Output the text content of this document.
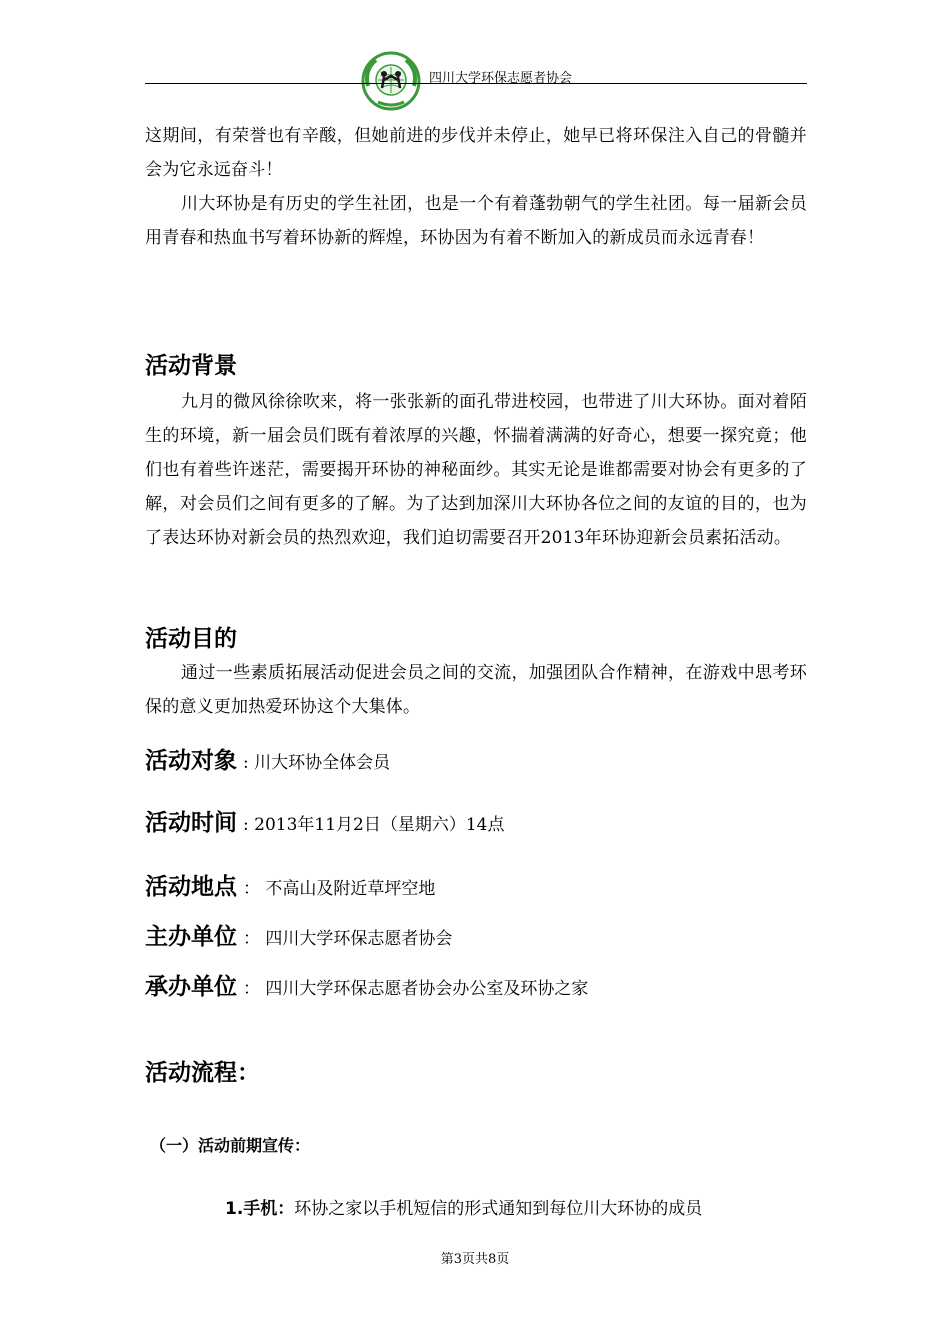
四川大学环保志愿者协会

这期间，有荣誉也有辛酸，但她前进的步伐并未停止，她早已将环保注入自己的骨髓并会为它永远奋斗！

川大环协是有历史的学生社团，也是一个有着蓬勃朝气的学生社团。每一届新会员用青春和热血书写着环协新的辉煌，环协因为有着不断加入的新成员而永远青春！

活动背景

九月的微风徐徐吹来，将一张张新的面孔带进校园，也带进了川大环协。面对着陌生的环境，新一届会员们既有着浓厚的兴趣，怀揣着满满的好奇心，想要一探究竟；他们也有着些许迷茫，需要揭开环协的神秘面纱。其实无论是谁都需要对协会有更多的了解，对会员们之间有更多的了解。为了达到加深川大环协各位之间的友谊的目的，也为了表达环协对新会员的热烈欢迎，我们迫切需要召开2013年环协迎新会员素拓活动。

活动目的

通过一些素质拓展活动促进会员之间的交流，加强团队合作精神，在游戏中思考环保的意义更加热爱环协这个大集体。

活动对象 : 川大环协全体会员
活动时间 : 2013年11月2日（星期六）14点
活动地点 ： 不高山及附近草坪空地
主办单位 ： 四川大学环保志愿者协会
承办单位 ： 四川大学环保志愿者协会办公室及环协之家
活动流程：
（一）活动前期宣传：
1.手机：环协之家以手机短信的形式通知到每位川大环协的成员
第3页共8页
